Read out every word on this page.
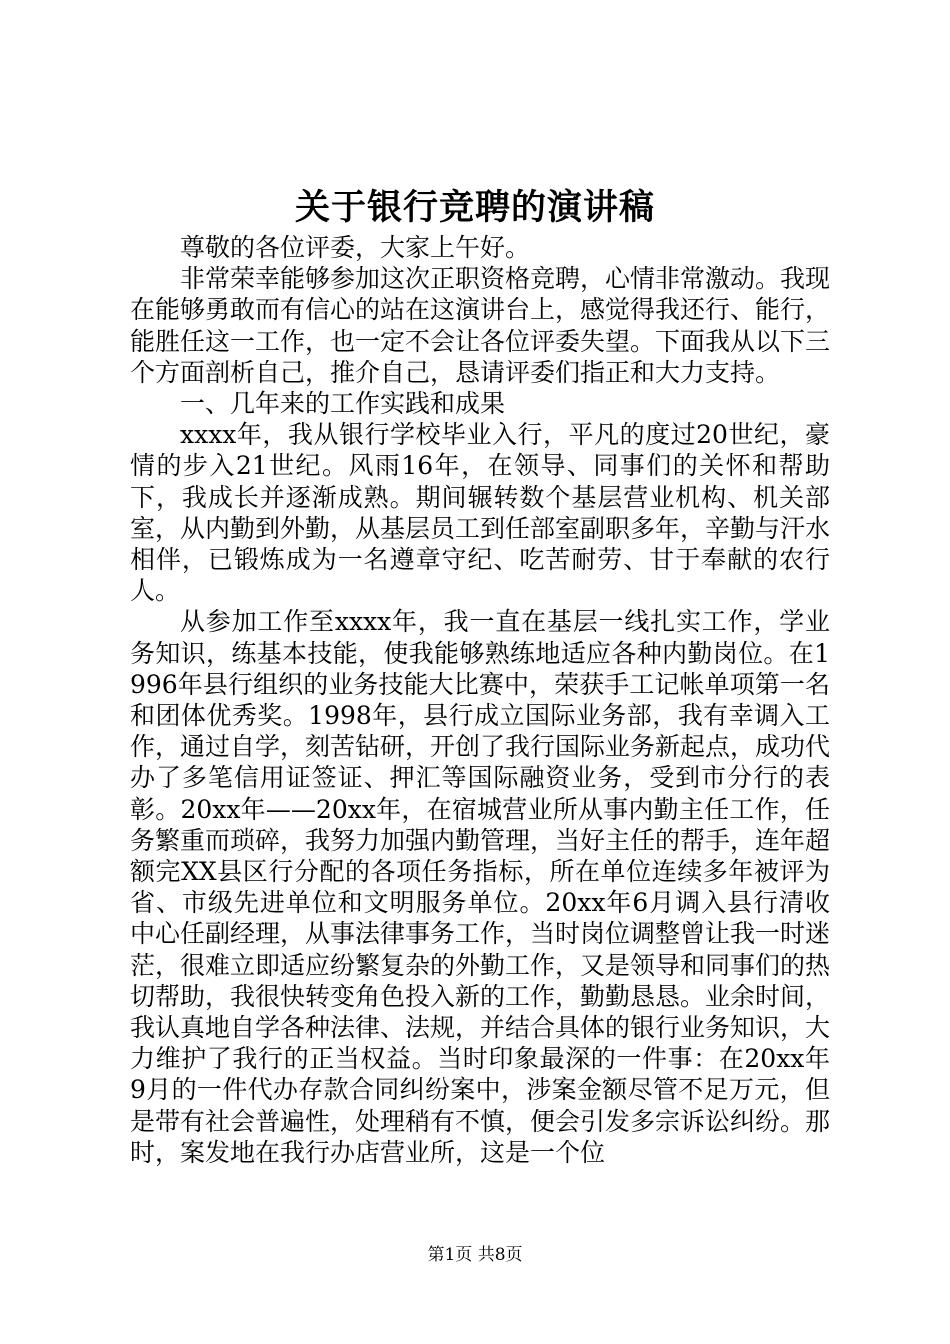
关于银行竞聘的演讲稿

尊敬的各位评委，大家上午好。

非常荣幸能够参加这次正职资格竞聘，心情非常激动。我现在能够勇敢而有信心的站在这演讲台上，感觉得我还行、能行，能胜任这一工作，也一定不会让各位评委失望。下面我从以下三个方面剖析自己，推介自己，恳请评委们指正和大力支持。

一、几年来的工作实践和成果

xxxx年，我从银行学校毕业入行，平凡的度过20世纪，豪情的步入21世纪。风雨16年，在领导、同事们的关怀和帮助下，我成长并逐渐成熟。期间辗转数个基层营业机构、机关部室，从内勤到外勤，从基层员工到任部室副职多年，辛勤与汗水相伴，已锻炼成为一名遵章守纪、吃苦耐劳、甘于奉献的农行人。

从参加工作至xxxx年，我一直在基层一线扎实工作，学业务知识，练基本技能，使我能够熟练地适应各种内勤岗位。在1996年县行组织的业务技能大比赛中，荣获手工记帐单项第一名和团体优秀奖。1998年，县行成立国际业务部，我有幸调入工作，通过自学，刻苦钻研，开创了我行国际业务新起点，成功代办了多笔信用证签证、押汇等国际融资业务，受到市分行的表彰。20xx年——20xx年，在宿城营业所从事内勤主任工作，任务繁重而琐碎，我努力加强内勤管理，当好主任的帮手，连年超额完XX县区行分配的各项任务指标，所在单位连续多年被评为省、市级先进单位和文明服务单位。20xx年6月调入县行清收中心任副经理，从事法律事务工作，当时岗位调整曾让我一时迷茫，很难立即适应纷繁复杂的外勤工作，又是领导和同事们的热切帮助，我很快转变角色投入新的工作，勤勤恳恳。业余时间，我认真地自学各种法律、法规，并结合具体的银行业务知识，大力维护了我行的正当权益。当时印象最深的一件事：在20xx年9月的一件代办存款合同纠纷案中，涉案金额尽管不足万元，但是带有社会普遍性，处理稍有不慎，便会引发多宗诉讼纠纷。那时，案发地在我行办店营业所，这是一个位

第1页 共8页
